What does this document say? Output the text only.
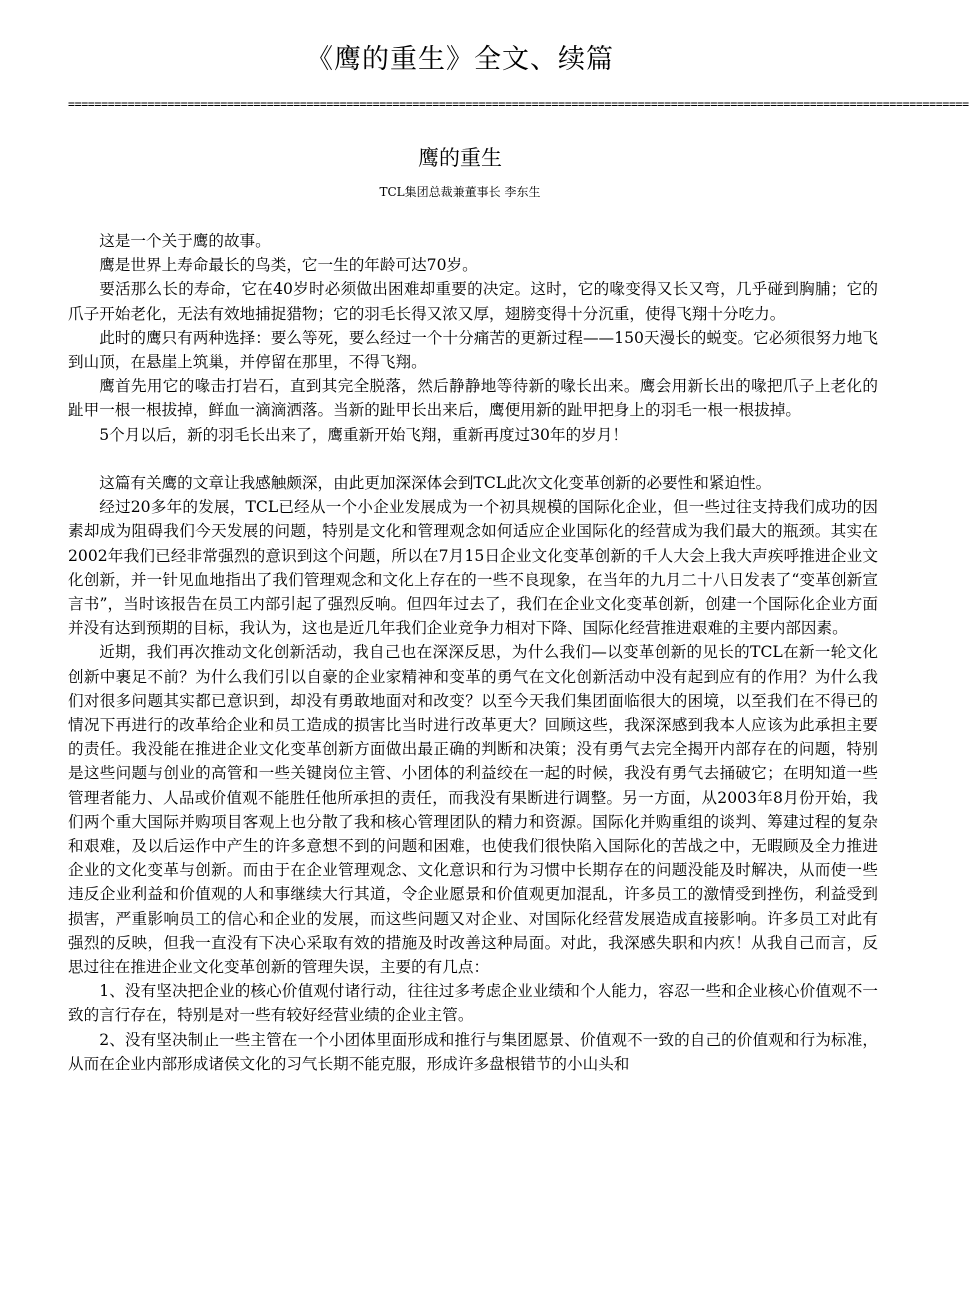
《鹰的重生》全文、续篇
========================================================================================================================================
鹰的重生
TCL集团总裁兼董事长 李东生

这是一个关于鹰的故事。

鹰是世界上寿命最长的鸟类，它一生的年龄可达70岁。

要活那么长的寿命，它在40岁时必须做出困难却重要的决定。这时，它的喙变得又长又弯，几乎碰到胸脯；它的爪子开始老化，无法有效地捕捉猎物；它的羽毛长得又浓又厚，翅膀变得十分沉重，使得飞翔十分吃力。

此时的鹰只有两种选择：要么等死，要么经过一个十分痛苦的更新过程——150天漫长的蜕变。它必须很努力地飞到山顶，在悬崖上筑巢，并停留在那里，不得飞翔。

鹰首先用它的喙击打岩石，直到其完全脱落，然后静静地等待新的喙长出来。鹰会用新长出的喙把爪子上老化的趾甲一根一根拔掉，鲜血一滴滴洒落。当新的趾甲长出来后，鹰便用新的趾甲把身上的羽毛一根一根拔掉。

5个月以后，新的羽毛长出来了，鹰重新开始飞翔，重新再度过30年的岁月！

这篇有关鹰的文章让我感触颇深，由此更加深深体会到TCL此次文化变革创新的必要性和紧迫性。

经过20多年的发展，TCL已经从一个小企业发展成为一个初具规模的国际化企业，但一些过往支持我们成功的因素却成为阻碍我们今天发展的问题，特别是文化和管理观念如何适应企业国际化的经营成为我们最大的瓶颈。其实在2002年我们已经非常强烈的意识到这个问题，所以在7月15日企业文化变革创新的千人大会上我大声疾呼推进企业文化创新，并一针见血地指出了我们管理观念和文化上存在的一些不良现象，在当年的九月二十八日发表了“变革创新宣言书”，当时该报告在员工内部引起了强烈反响。但四年过去了，我们在企业文化变革创新，创建一个国际化企业方面并没有达到预期的目标，我认为，这也是近几年我们企业竞争力相对下降、国际化经营推进艰难的主要内部因素。

近期，我们再次推动文化创新活动，我自己也在深深反思，为什么我们—以变革创新的见长的TCL在新一轮文化创新中裹足不前？为什么我们引以自豪的企业家精神和变革的勇气在文化创新活动中没有起到应有的作用？为什么我们对很多问题其实都已意识到，却没有勇敢地面对和改变？以至今天我们集团面临很大的困境，以至我们在不得已的情况下再进行的改革给企业和员工造成的损害比当时进行改革更大？回顾这些，我深深感到我本人应该为此承担主要的责任。我没能在推进企业文化变革创新方面做出最正确的判断和决策；没有勇气去完全揭开内部存在的问题，特别是这些问题与创业的高管和一些关键岗位主管、小团体的利益绞在一起的时候，我没有勇气去捅破它；在明知道一些管理者能力、人品或价值观不能胜任他所承担的责任，而我没有果断进行调整。另一方面，从2003年8月份开始，我们两个重大国际并购项目客观上也分散了我和核心管理团队的精力和资源。国际化并购重组的谈判、筹建过程的复杂和艰难，及以后运作中产生的许多意想不到的问题和困难，也使我们很快陷入国际化的苦战之中，无暇顾及全力推进企业的文化变革与创新。而由于在企业管理观念、文化意识和行为习惯中长期存在的问题没能及时解决，从而使一些违反企业利益和价值观的人和事继续大行其道，令企业愿景和价值观更加混乱，许多员工的激情受到挫伤，利益受到损害，严重影响员工的信心和企业的发展，而这些问题又对企业、对国际化经营发展造成直接影响。许多员工对此有强烈的反映，但我一直没有下决心采取有效的措施及时改善这种局面。对此，我深感失职和内疚！从我自己而言，反思过往在推进企业文化变革创新的管理失误，主要的有几点：

1、没有坚决把企业的核心价值观付诸行动，往往过多考虑企业业绩和个人能力，容忍一些和企业核心价值观不一致的言行存在，特别是对一些有较好经营业绩的企业主管。

2、没有坚决制止一些主管在一个小团体里面形成和推行与集团愿景、价值观不一致的自己的价值观和行为标准，从而在企业内部形成诸侯文化的习气长期不能克服，形成许多盘根错节的小山头和
